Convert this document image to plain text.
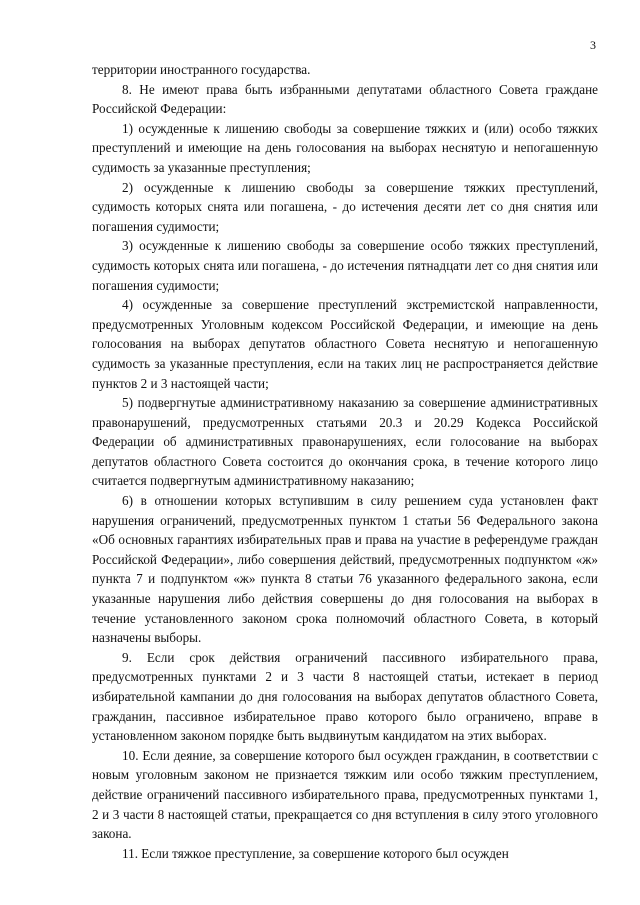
3

территории иностранного государства.

8. Не имеют права быть избранными депутатами областного Совета граждане Российской Федерации:

1) осужденные к лишению свободы за совершение тяжких и (или) особо тяжких преступлений и имеющие на день голосования на выборах неснятую и непогашенную судимость за указанные преступления;

2) осужденные к лишению свободы за совершение тяжких преступлений, судимость которых снята или погашена, - до истечения десяти лет со дня снятия или погашения судимости;

3) осужденные к лишению свободы за совершение особо тяжких преступлений, судимость которых снята или погашена, - до истечения пятнадцати лет со дня снятия или погашения судимости;

4) осужденные за совершение преступлений экстремистской направленности, предусмотренных Уголовным кодексом Российской Федерации, и имеющие на день голосования на выборах депутатов областного Совета неснятую и непогашенную судимость за указанные преступления, если на таких лиц не распространяется действие пунктов 2 и 3 настоящей части;

5) подвергнутые административному наказанию за совершение административных правонарушений, предусмотренных статьями 20.3 и 20.29 Кодекса Российской Федерации об административных правонарушениях, если голосование на выборах депутатов областного Совета состоится до окончания срока, в течение которого лицо считается подвергнутым административному наказанию;

6) в отношении которых вступившим в силу решением суда установлен факт нарушения ограничений, предусмотренных пунктом 1 статьи 56 Федерального закона «Об основных гарантиях избирательных прав и права на участие в референдуме граждан Российской Федерации», либо совершения действий, предусмотренных подпунктом «ж» пункта 7 и подпунктом «ж» пункта 8 статьи 76 указанного федерального закона, если указанные нарушения либо действия совершены до дня голосования на выборах в течение установленного законом срока полномочий областного Совета, в который назначены выборы.

9. Если срок действия ограничений пассивного избирательного права, предусмотренных пунктами 2 и 3 части 8 настоящей статьи, истекает в период избирательной кампании до дня голосования на выборах депутатов областного Совета, гражданин, пассивное избирательное право которого было ограничено, вправе в установленном законом порядке быть выдвинутым кандидатом на этих выборах.

10. Если деяние, за совершение которого был осужден гражданин, в соответствии с новым уголовным законом не признается тяжким или особо тяжким преступлением, действие ограничений пассивного избирательного права, предусмотренных пунктами 1, 2 и 3 части 8 настоящей статьи, прекращается со дня вступления в силу этого уголовного закона.

11. Если тяжкое преступление, за совершение которого был осужден
